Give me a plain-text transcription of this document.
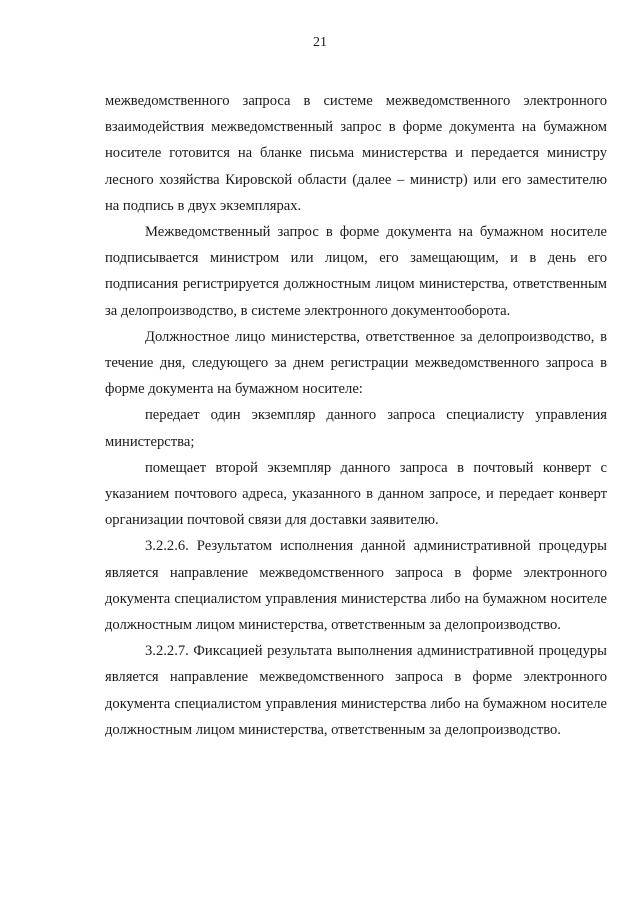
21

межведомственного запроса в системе межведомственного электронного взаимодействия межведомственный запрос в форме документа на бумажном носителе готовится на бланке письма министерства и передается министру лесного хозяйства Кировской области (далее – министр) или его заместителю на подпись в двух экземплярах.

Межведомственный запрос в форме документа на бумажном носителе подписывается министром или лицом, его замещающим, и в день его подписания регистрируется должностным лицом министерства, ответственным за делопроизводство, в системе электронного документооборота.

Должностное лицо министерства, ответственное за делопроизводство, в течение дня, следующего за днем регистрации межведомственного запроса в форме документа на бумажном носителе:

передает один экземпляр данного запроса специалисту управления министерства;

помещает второй экземпляр данного запроса в почтовый конверт с указанием почтового адреса, указанного в данном запросе, и передает конверт организации почтовой связи для доставки заявителю.

3.2.2.6. Результатом исполнения данной административной процедуры является направление межведомственного запроса в форме электронного документа специалистом управления министерства либо на бумажном носителе должностным лицом министерства, ответственным за делопроизводство.

3.2.2.7. Фиксацией результата выполнения административной процедуры является направление межведомственного запроса в форме электронного документа специалистом управления министерства либо на бумажном носителе должностным лицом министерства, ответственным за делопроизводство.
